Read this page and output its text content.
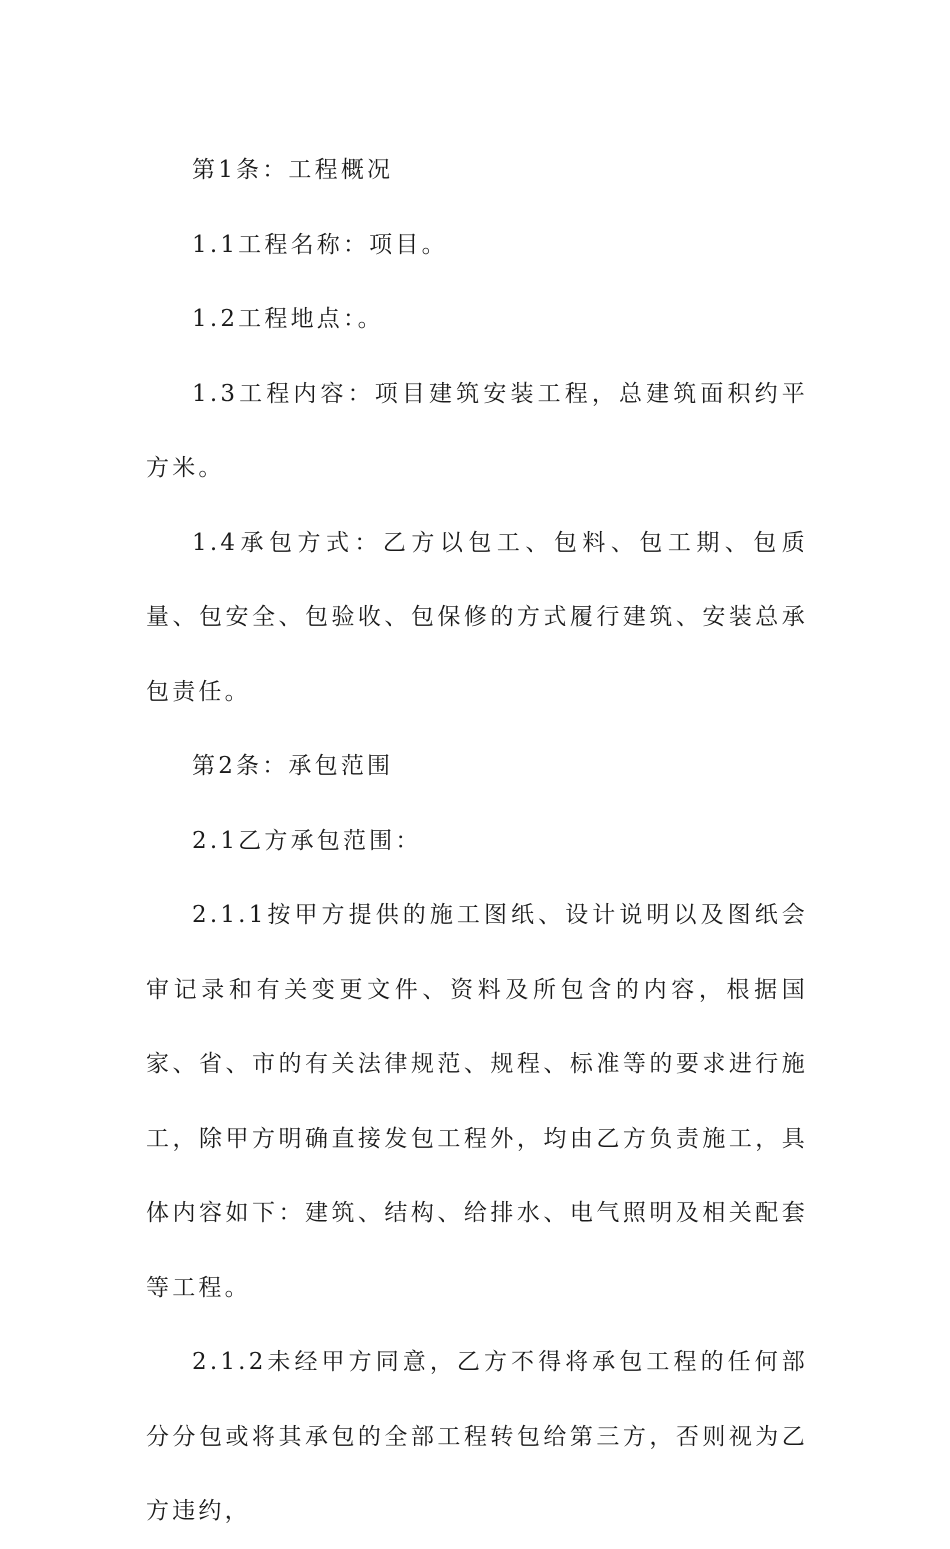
第1条：工程概况

1.1工程名称：项目。

1.2工程地点：。

1.3工程内容：项目建筑安装工程，总建筑面积约平方米。

1.4承包方式：乙方以包工、包料、包工期、包质量、包安全、包验收、包保修的方式履行建筑、安装总承包责任。

第2条：承包范围

2.1乙方承包范围：

2.1.1按甲方提供的施工图纸、设计说明以及图纸会审记录和有关变更文件、资料及所包含的内容，根据国家、省、市的有关法律规范、规程、标准等的要求进行施工，除甲方明确直接发包工程外，均由乙方负责施工，具体内容如下：建筑、结构、给排水、电气照明及相关配套等工程。

2.1.2未经甲方同意，乙方不得将承包工程的任何部分分包或将其承包的全部工程转包给第三方，否则视为乙方违约，
